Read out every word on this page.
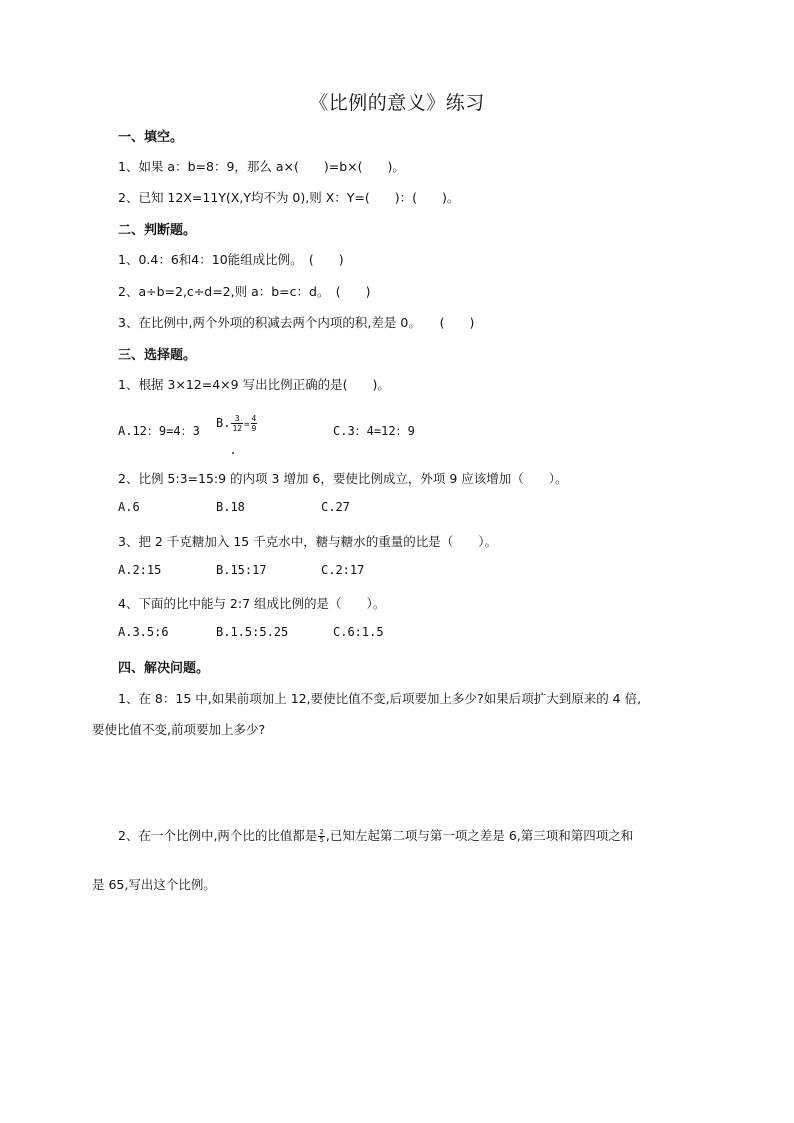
《比例的意义》练习
一、填空。
1、如果 a：b=8：9，那么 a×(　　)=b×(　　)。
2、已知 12X=11Y(X,Y均不为 0),则 X：Y=(　　)：(　　)。
二、判断题。
1、0.4：6和4：10能组成比例。　(　　)
2、a÷b=2,c÷d=2,则 a：b=c：d。　(　　)
3、在比例中,两个外项的积减去两个内项的积,差是 0。　　(　　)
三、选择题。
1、根据 3×12=4×9 写出比例正确的是(　　)。
A.12：9=4：3
B. $\frac{3}{12} = \frac{4}{9}$	C.3：4=12：9
2、比例 5:3=15:9 的内项 3 增加 6，要使比例成立，外项 9 应该增加（　　）。
A.6	B.18	C.27
3、把 2 千克糖加入 15 千克水中，糖与糖水的重量的比是（　　）。
A.2:15	B.15:17	C.2:17
4、下面的比中能与 2:7 组成比例的是（　　）。
A.3.5:6	B.1.5:5.25	C.6:1.5
四、解决问题。
1、在 8：15 中,如果前项加上 12,要使比值不变,后项要加上多少?如果后项扩大到原来的 4 倍,
要使比值不变,前项要加上多少?
2、在一个比例中,两个比的比值都是 $\frac{2}{5}$ ,已知左起第二项与第一项之差是 6,第三项和第四项之和
是 65,写出这个比例。
